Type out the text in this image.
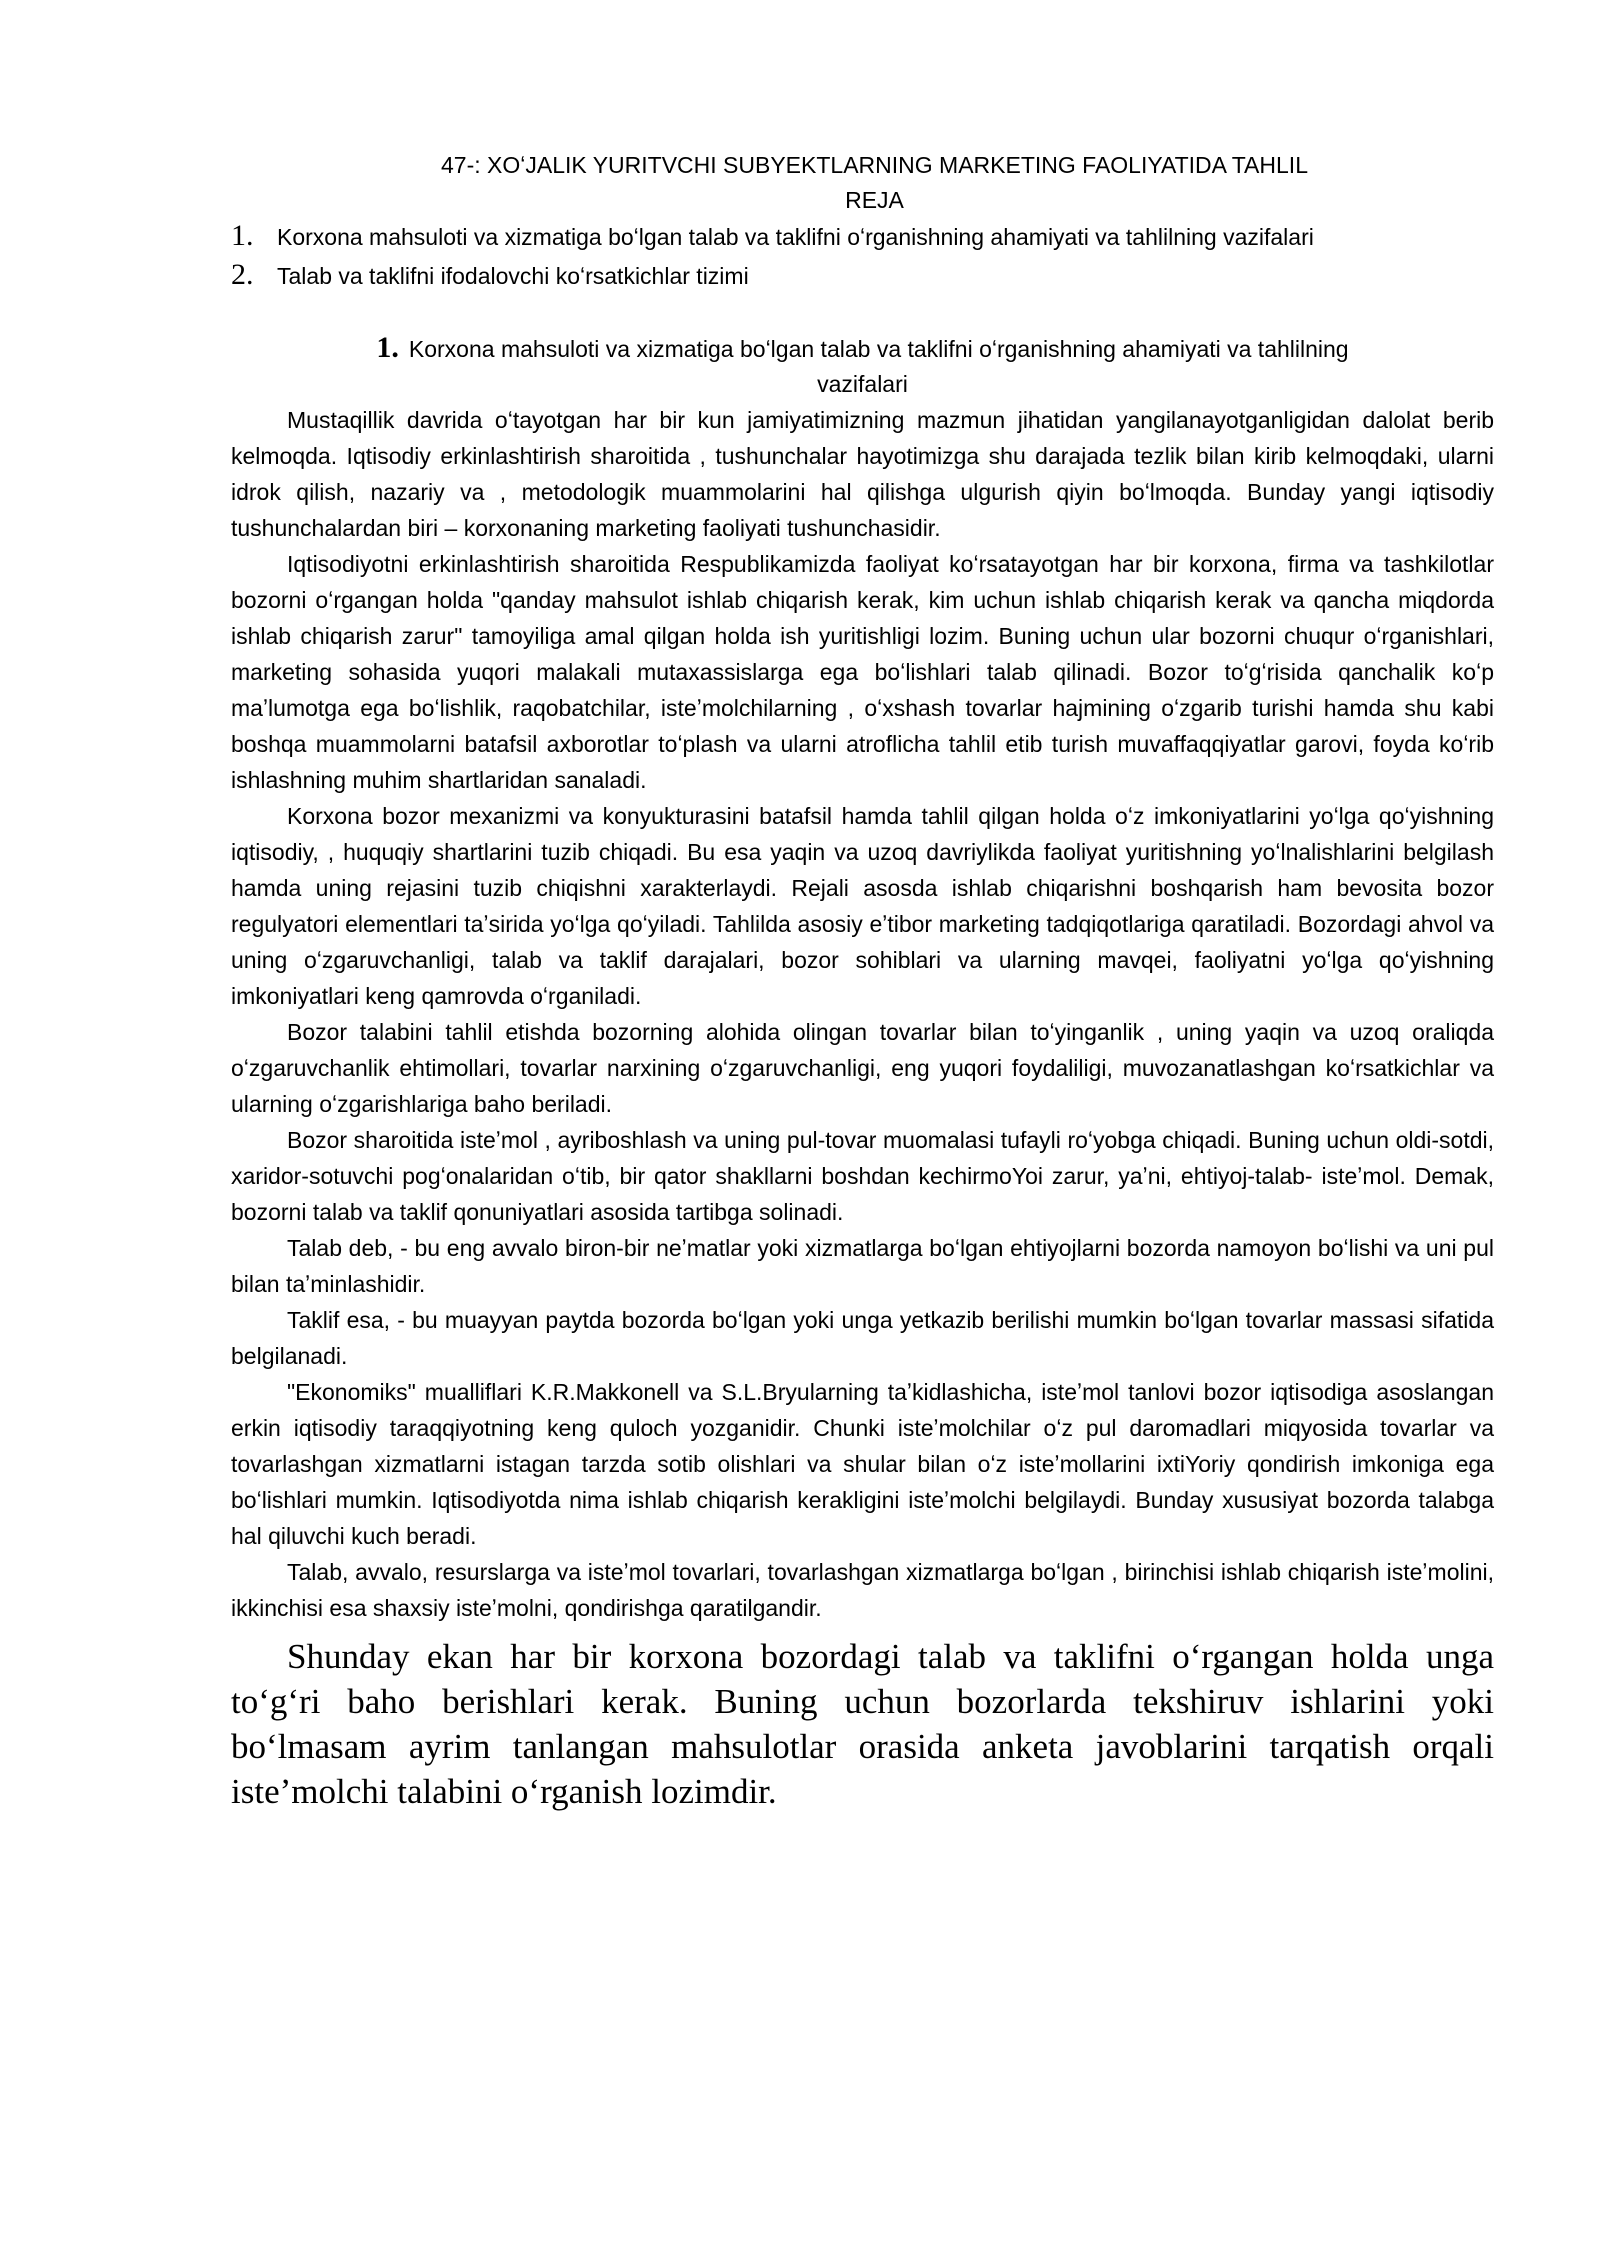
47-: XOʻJALIK YURITVCHI SUBYEKTLARNING MARKETING FAOLIYATIDA TAHLIL
REJA
1. Korxona mahsuloti va xizmatiga boʻlgan talab va taklifni oʻrganishning ahamiyati va tahlilning vazifalari
2. Talab va taklifni ifodalovchi koʻrsatkichlar tizimi
1. Korxona mahsuloti va xizmatiga boʻlgan talab va taklifni oʻrganishning ahamiyati va tahlilning
vazifalari

Mustaqillik davrida oʻtayotgan har bir kun jamiyatimizning mazmun jihatidan yangilanayotganligidan dalolat berib kelmoqda. Iqtisodiy erkinlashtirish sharoitida , tushunchalar hayotimizga shu darajada tezlik bilan kirib kelmoqdaki, ularni idrok qilish, nazariy va , metodologik muammolarini hal qilishga ulgurish qiyin boʻlmoqda. Bunday yangi iqtisodiy tushunchalardan biri – korxonaning marketing faoliyati tushunchasidir.

Iqtisodiyotni erkinlashtirish sharoitida Respublikamizda faoliyat koʻrsatayotgan har bir korxona, firma va tashkilotlar bozorni oʻrgangan holda "qanday mahsulot ishlab chiqarish kerak, kim uchun ishlab chiqarish kerak va qancha miqdorda ishlab chiqarish zarur" tamoyiliga amal qilgan holda ish yuritishligi lozim. Buning uchun ular bozorni chuqur oʻrganishlari, marketing sohasida yuqori malakali mutaxassislarga ega boʻlishlari talab qilinadi. Bozor toʻgʻrisida qanchalik koʻp maʼlumotga ega boʻlishlik, raqobatchilar, isteʼmolchilarning , oʻxshash tovarlar hajmining oʻzgarib turishi hamda shu kabi boshqa muammolarni batafsil axborotlar toʻplash va ularni atroflicha tahlil etib turish muvaffaqqiyatlar garovi, foyda koʻrib ishlashning muhim shartlaridan sanaladi.

Korxona bozor mexanizmi va konyukturasini batafsil hamda tahlil qilgan holda oʻz imkoniyatlarini yoʻlga qoʻyishning iqtisodiy, , huquqiy shartlarini tuzib chiqadi. Bu esa yaqin va uzoq davriylikda faoliyat yuritishning yoʻlnalishlarini belgilash hamda uning rejasini tuzib chiqishni xarakterlaydi. Rejali asosda ishlab chiqarishni boshqarish ham bevosita bozor regulyatori elementlari taʼsirida yoʻlga qoʻyiladi. Tahlilda asosiy eʼtibor marketing tadqiqotlariga qaratiladi. Bozordagi ahvol va uning oʻzgaruvchanligi, talab va taklif darajalari, bozor sohiblari va ularning mavqei, faoliyatni yoʻlga qoʻyishning imkoniyatlari keng qamrovda oʻrganiladi.

Bozor talabini tahlil etishda bozorning alohida olingan tovarlar bilan toʻyinganlik , uning yaqin va uzoq oraliqda oʻzgaruvchanlik ehtimollari, tovarlar narxining oʻzgaruvchanligi, eng yuqori foydaliligi, muvozanatlashgan koʻrsatkichlar va ularning oʻzgarishlariga baho beriladi.

Bozor sharoitida isteʼmol , ayriboshlash va uning pul-tovar muomalasi tufayli roʻyobga chiqadi. Buning uchun oldi-sotdi, xaridor-sotuvchi pogʻonalaridan oʻtib, bir qator shakllarni boshdan kechirmoYoi zarur, yaʼni, ehtiyoj-talab- isteʼmol. Demak, bozorni talab va taklif qonuniyatlari asosida tartibga solinadi.

Talab deb, - bu eng avvalo biron-bir neʼmatlar yoki xizmatlarga boʻlgan ehtiyojlarni bozorda namoyon boʻlishi va uni pul bilan taʼminlashidir.

Taklif esa, - bu muayyan paytda bozorda boʻlgan yoki unga yetkazib berilishi mumkin boʻlgan tovarlar massasi sifatida belgilanadi.

"Ekonomiks" mualliflari K.R.Makkonell va S.L.Bryularning taʼkidlashicha, isteʼmol tanlovi bozor iqtisodiga asoslangan erkin iqtisodiy taraqqiyotning keng quloch yozganidir. Chunki isteʼmolchilar oʻz pul daromadlari miqyosida tovarlar va tovarlashgan xizmatlarni istagan tarzda sotib olishlari va shular bilan oʻz isteʼmollarini ixtiYoriy qondirish imkoniga ega boʻlishlari mumkin. Iqtisodiyotda nima ishlab chiqarish kerakligini isteʼmolchi belgilaydi. Bunday xususiyat bozorda talabga hal qiluvchi kuch beradi.

Talab, avvalo, resurslarga va isteʼmol tovarlari, tovarlashgan xizmatlarga boʻlgan , birinchisi ishlab chiqarish isteʼmolini, ikkinchisi esa shaxsiy isteʼmolni, qondirishga qaratilgandir.

Shunday ekan har bir korxona bozordagi talab va taklifni oʻrgangan holda unga toʻgʻri baho berishlari kerak. Buning uchun bozorlarda tekshiruv ishlarini yoki boʻlmasam ayrim tanlangan mahsulotlar orasida anketa javoblarini tarqatish orqali isteʼmolchi talabini oʻrganish lozimdir.
